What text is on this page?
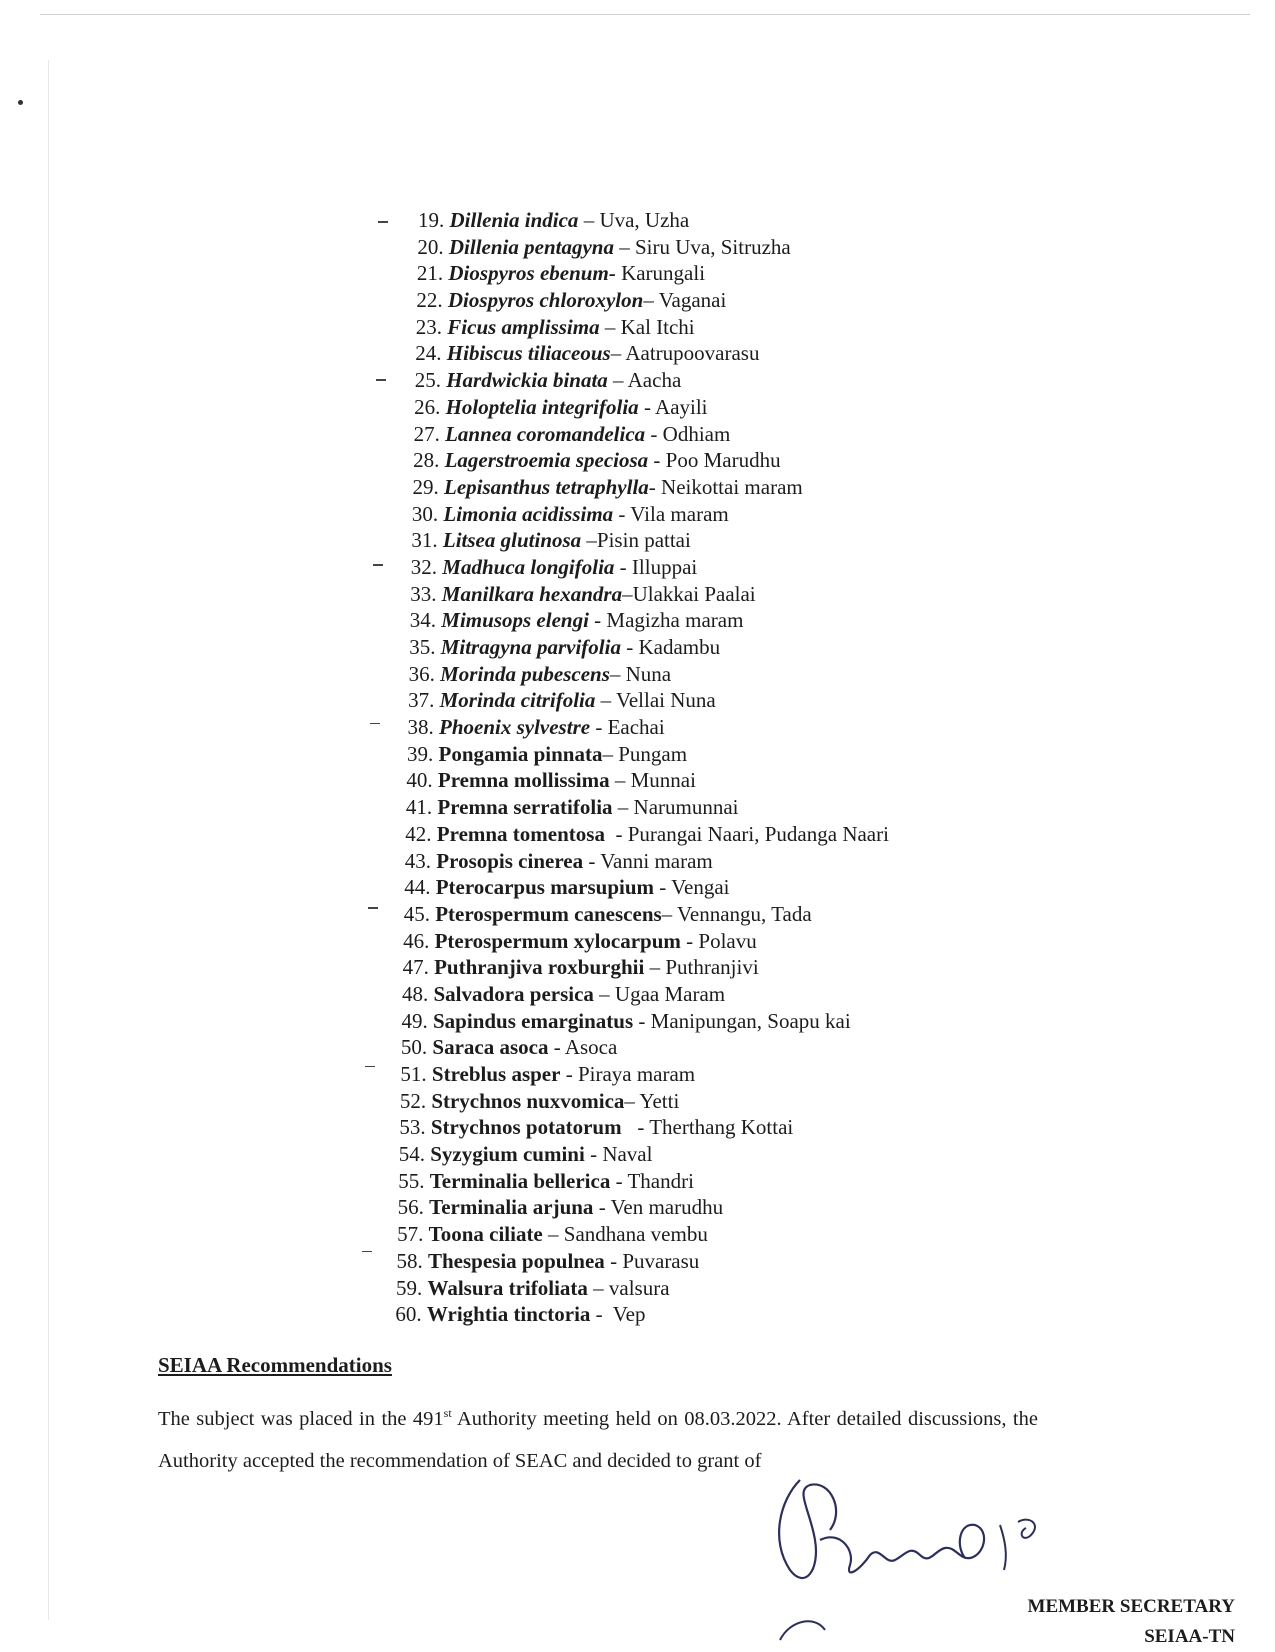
19. Dillenia indica – Uva, Uzha
20. Dillenia pentagyna – Siru Uva, Sitruzha
21. Diospyros ebenum- Karungali
22. Diospyros chloroxylon– Vaganai
23. Ficus amplissima – Kal Itchi
24. Hibiscus tiliaceous– Aatrupoovarasu
25. Hardwickia binata – Aacha
26. Holoptelia integrifolia - Aayili
27. Lannea coromandelica - Odhiam
28. Lagerstroemia speciosa - Poo Marudhu
29. Lepisanthus tetraphylla- Neikottai maram
30. Limonia acidissima - Vila maram
31. Litsea glutinosa –Pisin pattai
32. Madhuca longifolia - Illuppai
33. Manilkara hexandra–Ulakkai Paalai
34. Mimusops elengi - Magizha maram
35. Mitragyna parvifolia - Kadambu
36. Morinda pubescens– Nuna
37. Morinda citrifolia – Vellai Nuna
38. Phoenix sylvestre - Eachai
39. Pongamia pinnata– Pungam
40. Premna mollissima – Munnai
41. Premna serratifolia – Narumunnai
42. Premna tomentosa  - Purangai Naari, Pudanga Naari
43. Prosopis cinerea - Vanni maram
44. Pterocarpus marsupium - Vengai
45. Pterospermum canescens– Vennangu, Tada
46. Pterospermum xylocarpum - Polavu
47. Puthranjiva roxburghii – Puthranjivi
48. Salvadora persica – Ugaa Maram
49. Sapindus emarginatus - Manipungan, Soapu kai
50. Saraca asoca - Asoca
51. Streblus asper - Piraya maram
52. Strychnos nuxvomica– Yetti
53. Strychnos potatorum   - Therthang Kottai
54. Syzygium cumini - Naval
55. Terminalia bellerica - Thandri
56. Terminalia arjuna - Ven marudhu
57. Toona ciliate – Sandhana vembu
58. Thespesia populnea - Puvarasu
59. Walsura trifoliata – valsura
60. Wrightia tinctoria -  Vep
SEIAA Recommendations

The subject was placed in the 491st Authority meeting held on 08.03.2022. After detailed discussions, the Authority accepted the recommendation of SEAC and decided to grant of

MEMBER SECRETARY
SEIAA-TN
